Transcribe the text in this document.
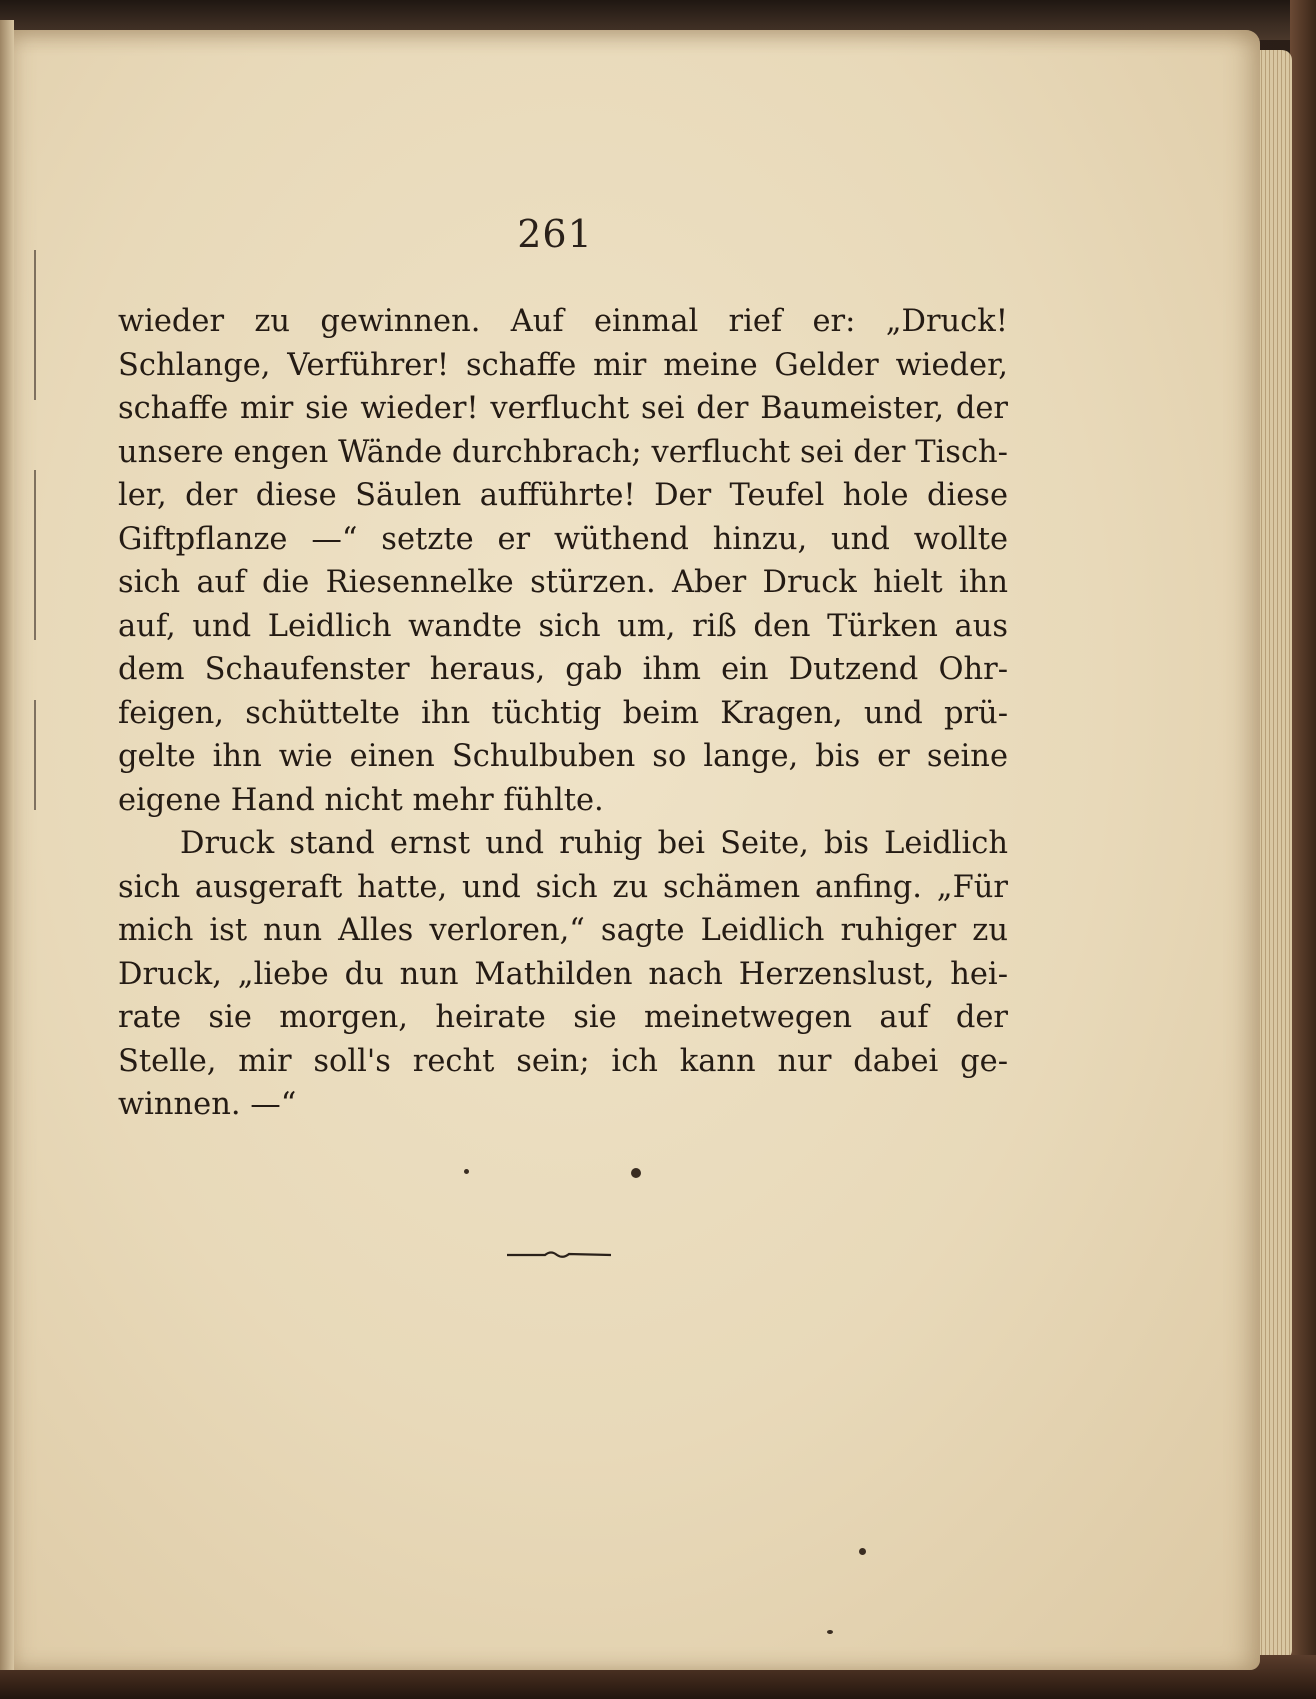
261
wieder zu gewinnen. Auf einmal rief er: „Druck!
Schlange, Verführer! schaffe mir meine Gelder wieder,
schaffe mir sie wieder! verflucht sei der Baumeister, der
unsere engen Wände durchbrach; verflucht sei der Tisch-
ler, der diese Säulen aufführte! Der Teufel hole diese
Giftpflanze —“ setzte er wüthend hinzu, und wollte
sich auf die Riesennelke stürzen. Aber Druck hielt ihn
auf, und Leidlich wandte sich um, riß den Türken aus
dem Schaufenster heraus, gab ihm ein Dutzend Ohr-
feigen, schüttelte ihn tüchtig beim Kragen, und prü-
gelte ihn wie einen Schulbuben so lange, bis er seine
eigene Hand nicht mehr fühlte.
Druck stand ernst und ruhig bei Seite, bis Leidlich
sich ausgeraft hatte, und sich zu schämen anfing. „Für
mich ist nun Alles verloren,“ sagte Leidlich ruhiger zu
Druck, „liebe du nun Mathilden nach Herzenslust, hei-
rate sie morgen, heirate sie meinetwegen auf der
Stelle, mir soll's recht sein; ich kann nur dabei ge-
winnen. —“
